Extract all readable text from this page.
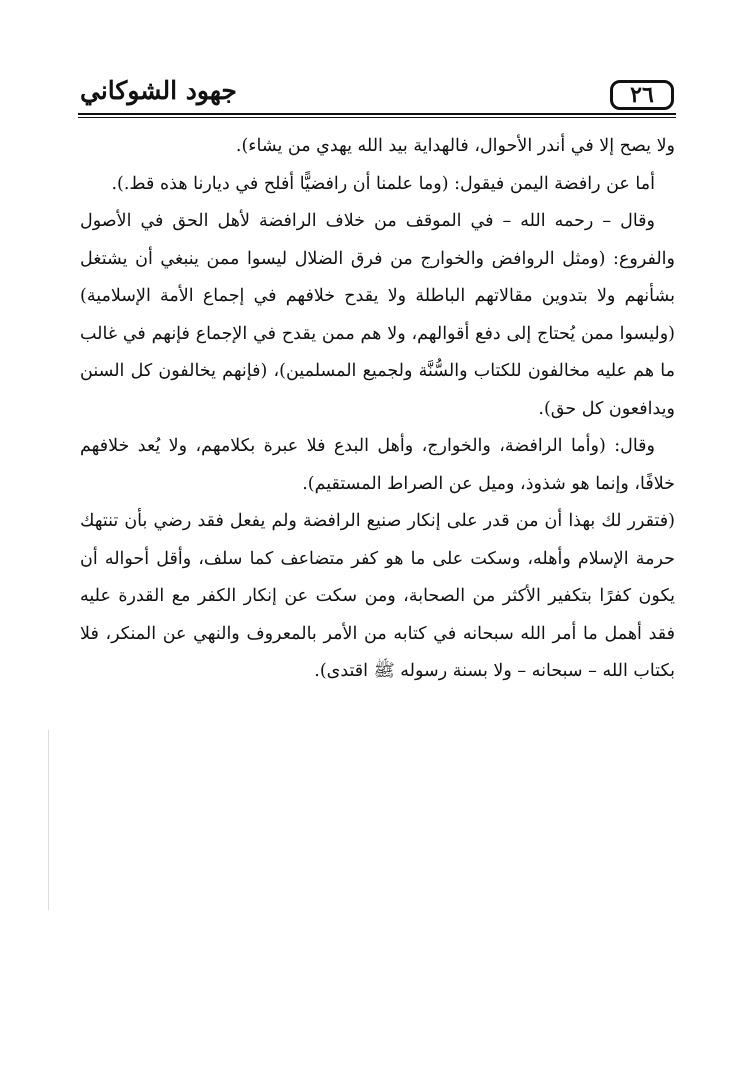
٢٦
جهود الشوكاني

ولا يصح إلا في أندر الأحوال، فالهداية بيد الله يهدي من يشاء).

أما عن رافضة اليمن فيقول: (وما علمنا أن رافضيًّا أفلح في ديارنا هذه قط.).

وقال – رحمه الله – في الموقف من خلاف الرافضة لأهل الحق في الأصول والفروع: (ومثل الروافض والخوارج من فرق الضلال ليسوا ممن ينبغي أن يشتغل بشأنهم ولا بتدوين مقالاتهم الباطلة ولا يقدح خلافهم في إجماع الأمة الإسلامية) (وليسوا ممن يُحتاج إلى دفع أقوالهم، ولا هم ممن يقدح في الإجماع فإنهم في غالب ما هم عليه مخالفون للكتاب والسُّنَّة ولجميع المسلمين)، (فإنهم يخالفون كل السنن ويدافعون كل حق).

وقال: (وأما الرافضة، والخوارج، وأهل البدع فلا عبرة بكلامهم، ولا يُعد خلافهم خلافًا، وإنما هو شذوذ، وميل عن الصراط المستقيم).

(فتقرر لك بهذا أن من قدر على إنكار صنيع الرافضة ولم يفعل فقد رضي بأن تنتهك حرمة الإسلام وأهله، وسكت على ما هو كفر متضاعف كما سلف، وأقل أحواله أن يكون كفرًا بتكفير الأكثر من الصحابة، ومن سكت عن إنكار الكفر مع القدرة عليه فقد أهمل ما أمر الله سبحانه في كتابه من الأمر بالمعروف والنهي عن المنكر، فلا بكتاب الله – سبحانه – ولا بسنة رسوله ﷺ اقتدى).
